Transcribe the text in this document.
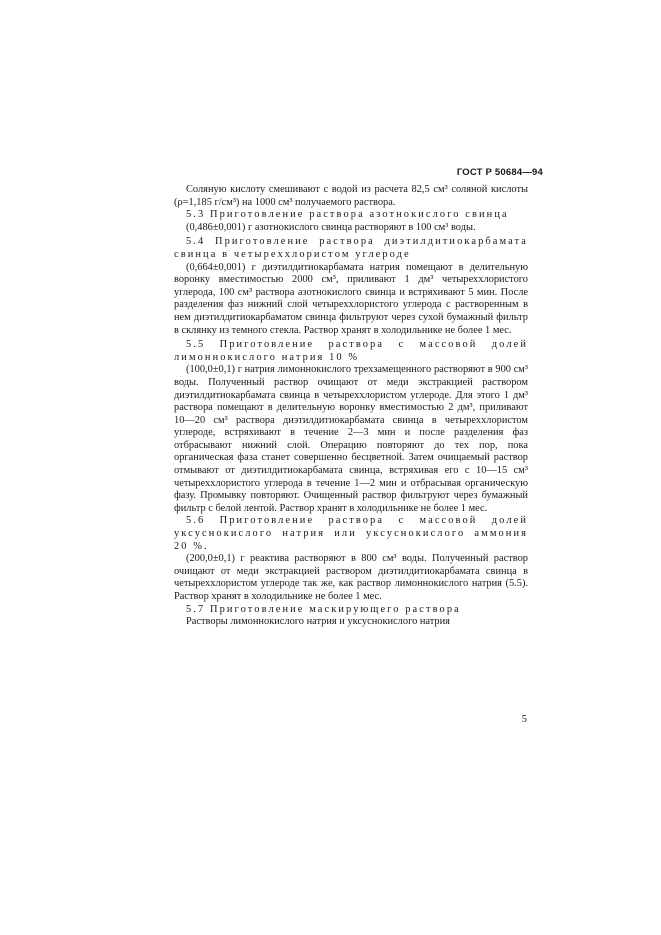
ГОСТ Р 50684—94

Соляную кислоту смешивают с водой из расчета 82,5 см³ соляной кислоты (ρ=1,185 г/см³) на 1000 см³ получаемого раствора.

5.3 Приготовление раствора азотнокислого свинца

(0,486±0,001) г азотнокислого свинца растворяют в 100 см³ воды.

5.4 Приготовление раствора диэтилдитиокарбамата свинца в четыреххлористом углероде

(0,664±0,001) г диэтилдитиокарбамата натрия помещают в делительную воронку вместимостью 2000 см³, приливают 1 дм³ четыреххлористого углерода, 100 см³ раствора азотнокислого свинца и встряхивают 5 мин. После разделения фаз нижний слой четыреххлористого углерода с растворенным в нем диэтилдитиокарбаматом свинца фильтруют через сухой бумажный фильтр в склянку из темного стекла. Раствор хранят в холодильнике не более 1 мес.

5.5 Приготовление раствора с массовой долей лимоннокислого натрия 10 %

(100,0±0,1) г натрия лимоннокислого трехзамещенного растворяют в 900 см³ воды. Полученный раствор очищают от меди экстракцией раствором диэтилдитиокарбамата свинца в четыреххлористом углероде. Для этого 1 дм³ раствора помещают в делительную воронку вместимостью 2 дм³, приливают 10—20 см³ раствора диэтилдитиокарбамата свинца в четыреххлористом углероде, встряхивают в течение 2—3 мин и после разделения фаз отбрасывают нижний слой. Операцию повторяют до тех пор, пока органическая фаза станет совершенно бесцветной. Затем очищаемый раствор отмывают от диэтилдитиокарбамата свинца, встряхивая его с 10—15 см³ четыреххлористого углерода в течение 1—2 мин и отбрасывая органическую фазу. Промывку повторяют. Очищенный раствор фильтруют через бумажный фильтр с белой лентой. Раствор хранят в холодильнике не более 1 мес.

5.6 Приготовление раствора с массовой долей уксуснокислого натрия или уксуснокислого аммония 20 %.

(200,0±0,1) г реактива растворяют в 800 см³ воды. Полученный раствор очищают от меди экстракцией раствором диэтилдитиокарбамата свинца в четыреххлористом углероде так же, как раствор лимоннокислого натрия (5.5). Раствор хранят в холодильнике не более 1 мес.

5.7 Приготовление маскирующего раствора

Растворы лимоннокислого натрия и уксуснокислого натрия

5
